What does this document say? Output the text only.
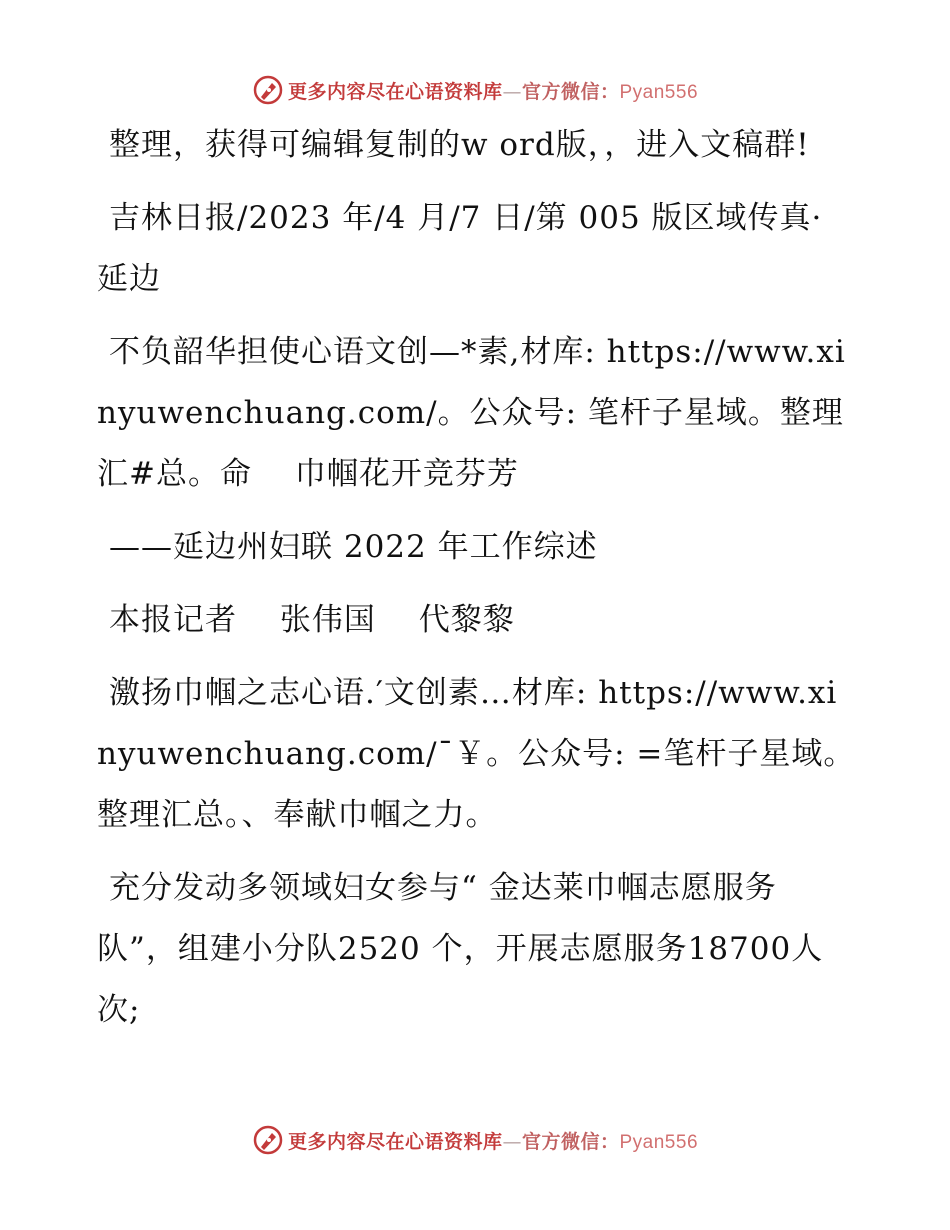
更多内容尽在心语资料库—官方微信：Pyan556

整理，获得可编辑复制的w ord版，，进入文稿群!

吉林日报/2023 年/4 月/7 日/第 005 版区域传真· 延边

不负韶华担使心语文创—*素,材库: https://www.xinyuwenchuang.com/。公众号: 笔杆子星域。整理汇#总。命　 巾帼花开竞芬芳

——延边州妇联 2022 年工作综述

本报记者　 张伟国　 代黎黎

激扬巾帼之志心语.′文创素…材库: https://www.xinyuwenchuang.com/¯￥。公众号: =笔杆子星域。整理汇总。、奉献巾帼之力。

充分发动多领域妇女参与“ 金达莱巾帼志愿服务队”，组建小分队2520 个，开展志愿服务18700人次;

更多内容尽在心语资料库—官方微信：Pyan556
